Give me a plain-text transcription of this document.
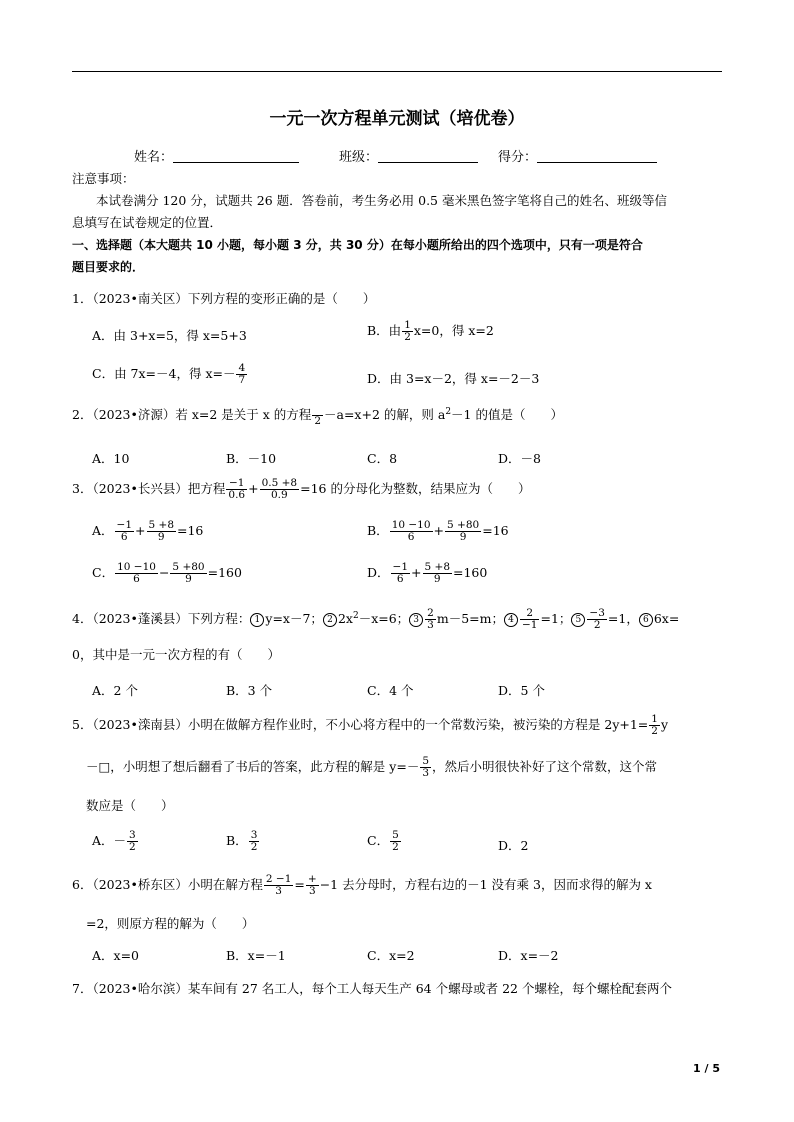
一元一次方程单元测试（培优卷）
姓名：	班级：	得分：
注意事项：
本试卷满分 120 分，试题共 26 题．答卷前，考生务必用 0.5 毫米黑色签字笔将自己的姓名、班级等信
息填写在试卷规定的位置．
一、选择题（本大题共 10 小题，每小题 3 分，共 30 分）在每小题所给出的四个选项中，只有一项是符合
题目要求的．
1．（2023•南关区）下列方程的变形正确的是（　　）
A．由 3+x=5，得 x=5+3	B．由 $\frac{1}{2} x=0$，得 x=2
C．由 7x=－4，得 $x=- \frac{4}{7}$	D．由 3=x－2，得 x=－2－3
2．（2023•济源）若 x=2 是关于 x 的方程
2 －a=x+2 的解，则 $a^2-1$ 的值是（　　）
A．10	B．－10	C．8	D．－8
3．（2023•长兴县）把方程 $\frac{-1}{0.6} + \frac{0.5 +8}{0.9} =16$ 的分母化为整数，结果应为（　　）
A． $\frac{-1}{6} + \frac{5 +8}{9} =16$	B． $\frac{10 -10}{6} + \frac{5 +80}{9} =16$
C． $\frac{10 -10}{6} - \frac{5 +80}{9} =160$	D． $\frac{-1}{6} + \frac{5 +8}{9} =160$
4．（2023•蓬溪县）下列方程： 1 y=x－7； 2 $2x^2-x=6$； $3 \frac{2}{3} m-5=m$； $4 \frac{2}{-1} =1$； $5 \frac{-3}{2} =1$， 6 6x=
0，其中是一元一次方程的有（　　）
A．2 个	B．3 个	C．4 个	D．5 个
5．（2023•滦南县）小明在做解方程作业时，不小心将方程中的一个常数污染，被污染的方程是 $2y+1= \frac{1}{2}$ y
－□，小明想了想后翻看了书后的答案，此方程的解是 $y=- \frac{5}{3}$ ，然后小明很快补好了这个常数，这个常
数应是（　　）
A．－ $\frac{3}{2}$	B． $\frac{3}{2}$	C． $\frac{5}{2}$	D．2
6．（2023•桥东区）小明在解方程 $\frac{2 -1}{3} = \frac{+}{3} -1$ 去分母时，方程右边的－1 没有乘 3，因而求得的解为 x
=2，则原方程的解为（　　）
A．x=0	B．x=－1	C．x=2	D．x=－2
7．（2023•哈尔滨）某车间有 27 名工人，每个工人每天生产 64 个螺母或者 22 个螺栓，每个螺栓配套两个
1 / 5
